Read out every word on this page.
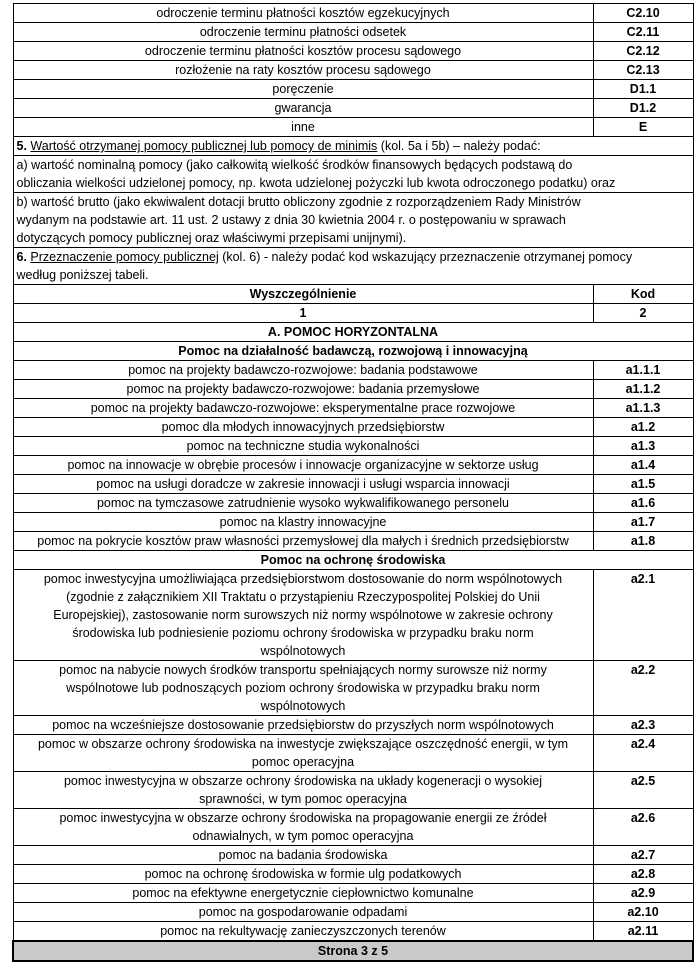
odroczenie terminu płatności kosztów egzekucyjnych	C2.10
odroczenie terminu płatności odsetek	C2.11
odroczenie terminu płatności kosztów procesu sądowego	C2.12
rozłożenie na raty kosztów procesu sądowego	C2.13
poręczenie	D1.1
gwarancja	D1.2
inne	E
5. Wartość otrzymanej pomocy publicznej lub pomocy de minimis (kol. 5a i 5b) – należy podać:	

a) wartość nominalną pomocy (jako całkowitą wielkość środków finansowych będących podstawą do

obliczania wielkości udzielonej pomocy, np. kwota udzielonej pożyczki lub kwota odroczonego podatku) oraz	

b) wartość brutto (jako ekwiwalent dotacji brutto obliczony zgodnie z rozporządzeniem Rady Ministrów

wydanym na podstawie art. 11 ust. 2 ustawy z dnia 30 kwietnia 2004 r. o postępowaniu w sprawach

dotyczących pomocy publicznej oraz właściwymi przepisami unijnymi).	

6. Przeznaczenie pomocy publicznej (kol. 6) - należy podać kod wskazujący przeznaczenie otrzymanej pomocy

według poniższej tabeli.	

Wyszczególnienie	Kod
1	2
A. POMOC HORYZONTALNA	
Pomoc na działalność badawczą, rozwojową i innowacyjną	
pomoc na projekty badawczo-rozwojowe: badania podstawowe	a1.1.1
pomoc na projekty badawczo-rozwojowe: badania przemysłowe	a1.1.2
pomoc na projekty badawczo-rozwojowe: eksperymentalne prace rozwojowe	a1.1.3
pomoc dla młodych innowacyjnych przedsiębiorstw	a1.2
pomoc na techniczne studia wykonalności	a1.3
pomoc na innowacje w obrębie procesów i innowacje organizacyjne w sektorze usług	a1.4
pomoc na usługi doradcze w zakresie innowacji i usługi wsparcia innowacji	a1.5
pomoc na tymczasowe zatrudnienie wysoko wykwalifikowanego personelu	a1.6
pomoc na klastry innowacyjne	a1.7
pomoc na pokrycie kosztów praw własności przemysłowej dla małych i średnich przedsiębiorstw	a1.8
Pomoc na ochronę środowiska	

pomoc inwestycyjna umożliwiająca przedsiębiorstwom dostosowanie do norm wspólnotowych
(zgodnie z załącznikiem XII Traktatu o przystąpieniu Rzeczypospolitej Polskiej do Unii
Europejskiej), zastosowanie norm surowszych niż normy wspólnotowe w zakresie ochrony
środowiska lub podniesienie poziomu ochrony środowiska w przypadku braku norm
wspólnotowych	a2.1

pomoc na nabycie nowych środków transportu spełniających normy surowsze niż normy
wspólnotowe lub podnoszących poziom ochrony środowiska w przypadku braku norm
wspólnotowych	a2.2

pomoc na wcześniejsze dostosowanie przedsiębiorstw do przyszłych norm wspólnotowych	a2.3

pomoc w obszarze ochrony środowiska na inwestycje zwiększające oszczędność energii, w tym
pomoc operacyjna	a2.4

pomoc inwestycyjna w obszarze ochrony środowiska na układy kogeneracji o wysokiej
sprawności, w tym pomoc operacyjna	a2.5

pomoc inwestycyjna w obszarze ochrony środowiska na propagowanie energii ze źródeł
odnawialnych, w tym pomoc operacyjna	a2.6

pomoc na badania środowiska	a2.7

pomoc na ochronę środowiska w formie ulg podatkowych	a2.8

pomoc na efektywne energetycznie ciepłownictwo komunalne	a2.9

pomoc na gospodarowanie odpadami	a2.10

pomoc na rekultywację zanieczyszczonych terenów	a2.11
Strona 3 z 5	
